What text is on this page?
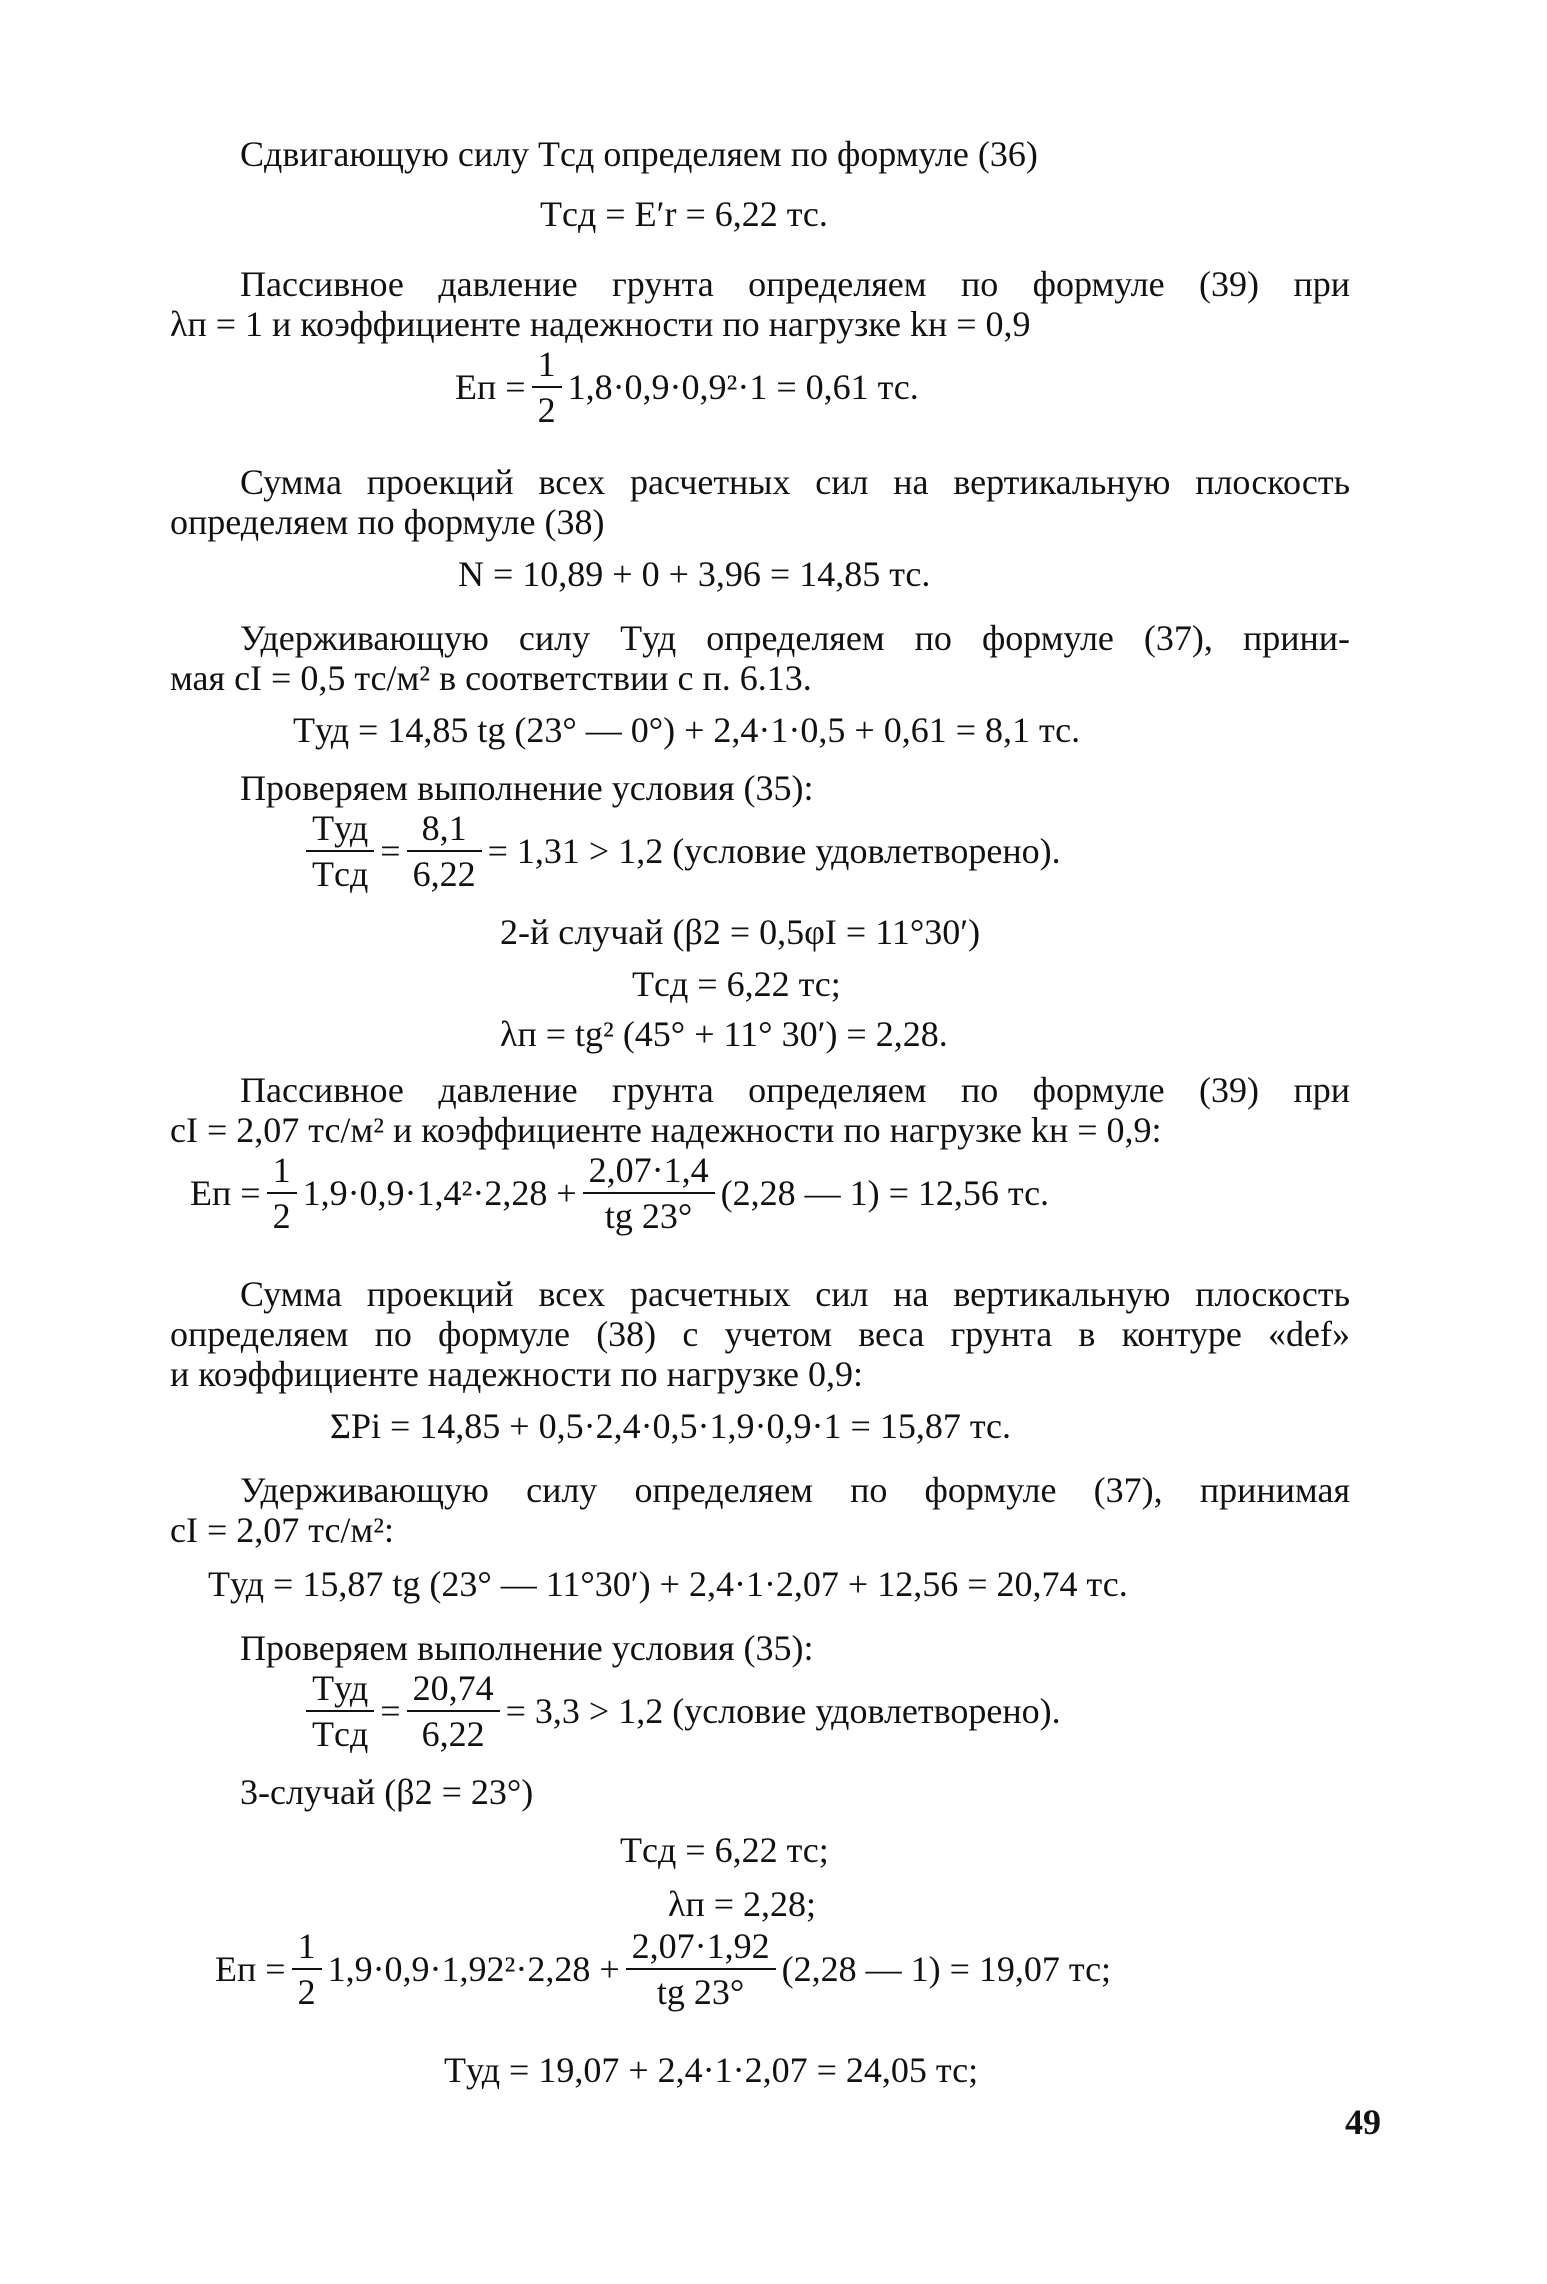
Сдвигающую силу Tсд определяем по формуле (36)
Tсд = E′r = 6,22 тс.
Пассивное давление грунта определяем по формуле (39) при
λп = 1 и коэффициенте надежности по нагрузке kн = 0,9
Eп = $\frac{1}{2} 1,8\cdot 0,9\cdot 0,9^2\cdot 1 = 0,61$ тс.
Сумма проекций всех расчетных сил на вертикальную плоскость
определяем по формуле (38)
N = 10,89 + 0 + 3,96 = 14,85 тс.
Удерживающую силу Tуд определяем по формуле (37), прини-
мая cI = 0,5 тс/м² в соответствии с п. 6.13.
Tуд = 14,85 tg (23° — 0°) + 2,4·1·0,5 + 0,61 = 8,1 тс.
Проверяем выполнение условия (35):
$\frac{\text{Tуд}}{\text{Tсд}} = \frac{8,1}{6,22} = 1,31 > 1,2$ (условие удовлетворено).
2-й случай (β2 = 0,5φI = 11°30′)
Tсд = 6,22 тс;
λп = tg² (45° + 11° 30′) = 2,28.
Пассивное давление грунта определяем по формуле (39) при
cI = 2,07 тс/м² и коэффициенте надежности по нагрузке kн = 0,9:
Eп = $\frac{1}{2} 1,9\cdot 0,9\cdot 1,4^2\cdot 2,28 + \frac{2,07\cdot 1,4}{tg 23^\circ} (2,28$ — 1) = 12,56 тс.
Сумма проекций всех расчетных сил на вертикальную плоскость
определяем по формуле (38) с учетом веса грунта в контуре «def»
и коэффициенте надежности по нагрузке 0,9:
ΣPi = 14,85 + 0,5·2,4·0,5·1,9·0,9·1 = 15,87 тс.
Удерживающую силу определяем по формуле (37), принимая
cI = 2,07 тс/м²:
Tуд = 15,87 tg (23° — 11°30′) + 2,4·1·2,07 + 12,56 = 20,74 тс.
Проверяем выполнение условия (35):
$\frac{\text{Tуд}}{\text{Tсд}} = \frac{20,74}{6,22} = 3,3 > 1,2$ (условие удовлетворено).
3-случай (β2 = 23°)
Tсд = 6,22 тс;
λп = 2,28;
Eп = $\frac{1}{2} 1,9\cdot 0,9\cdot 1,92^2\cdot 2,28 + \frac{2,07\cdot 1,92}{tg 23^\circ} (2,28$ — 1) = 19,07 тс;
Tуд = 19,07 + 2,4·1·2,07 = 24,05 тс;
49
